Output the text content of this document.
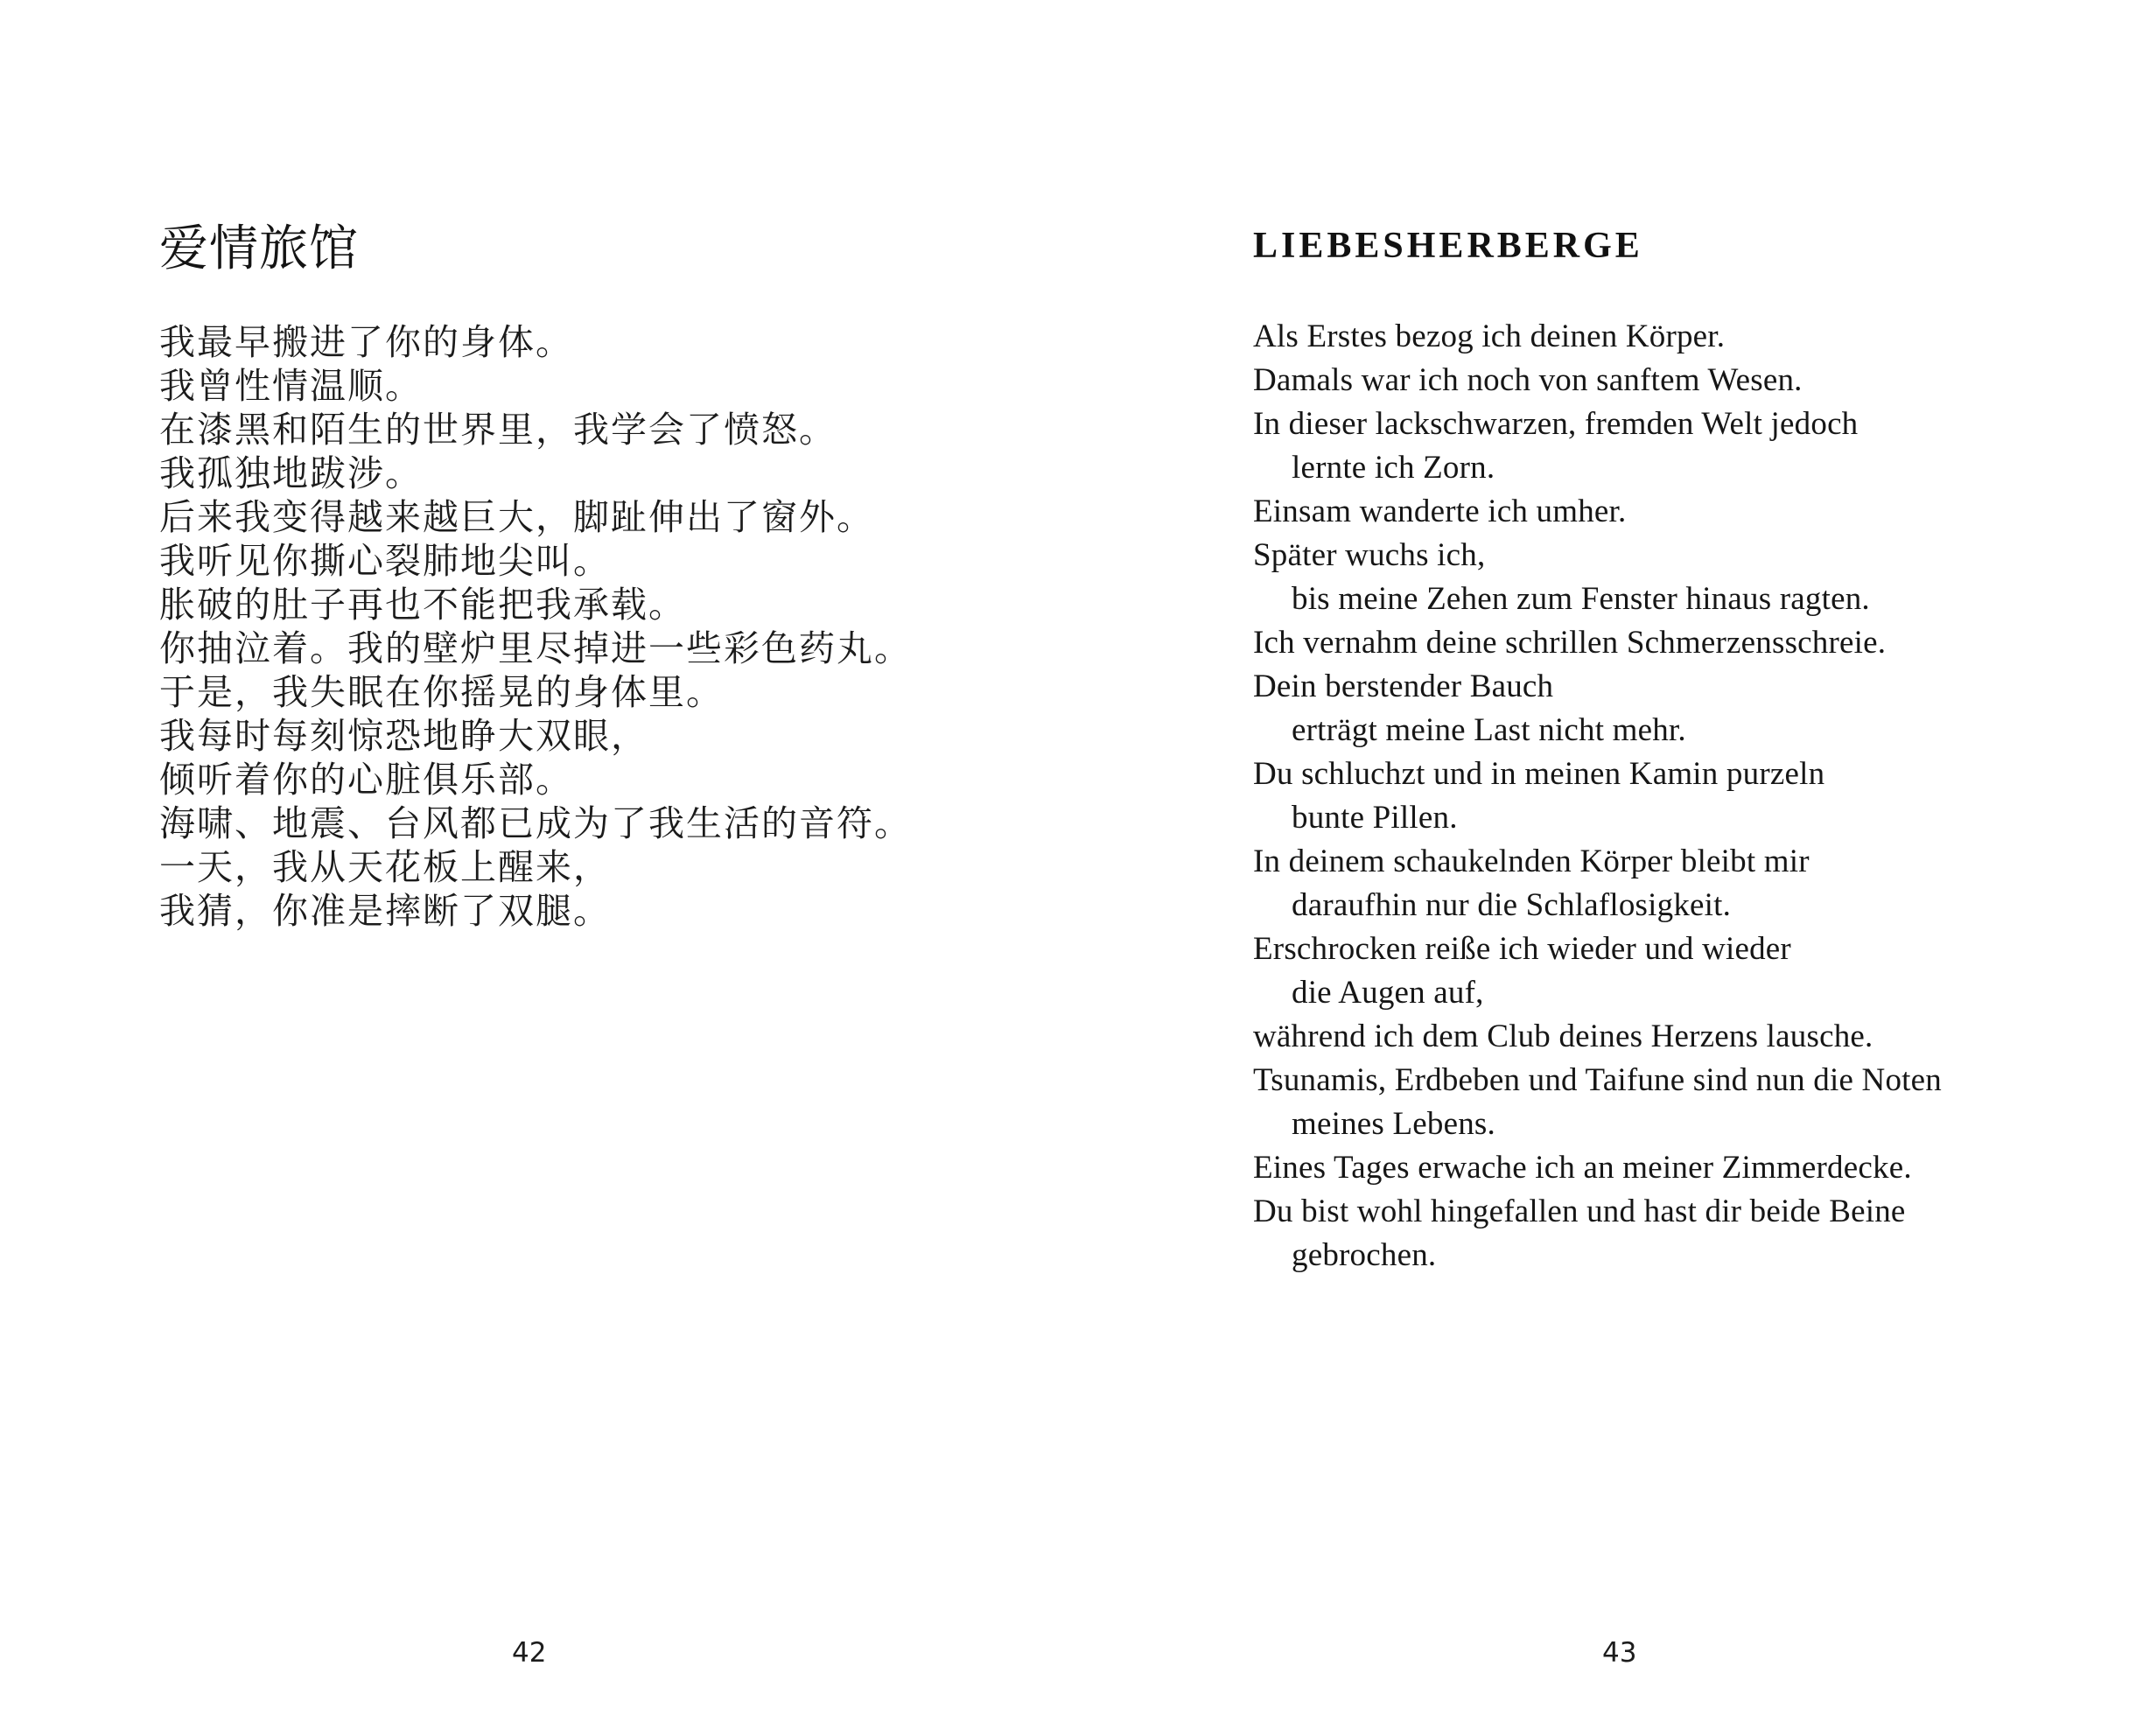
爱情旅馆
我最早搬进了你的身体。
我曾性情温顺。
在漆黑和陌生的世界里，我学会了愤怒。
我孤独地跋涉。
后来我变得越来越巨大，脚趾伸出了窗外。
我听见你撕心裂肺地尖叫。
胀破的肚子再也不能把我承载。
你抽泣着。我的壁炉里尽掉进一些彩色药丸。
于是，我失眠在你摇晃的身体里。
我每时每刻惊恐地睁大双眼，
倾听着你的心脏俱乐部。
海啸、地震、台风都已成为了我生活的音符。
一天，我从天花板上醒来，
我猜，你准是摔断了双腿。
LIEBESHERBERGE
Als Erstes bezog ich deinen Körper.
Damals war ich noch von sanftem Wesen.
In dieser lackschwarzen, fremden Welt jedoch
lernte ich Zorn.
Einsam wanderte ich umher.
Später wuchs ich,
bis meine Zehen zum Fenster hinaus ragten.
Ich vernahm deine schrillen Schmerzensschreie.
Dein berstender Bauch
erträgt meine Last nicht mehr.
Du schluchzt und in meinen Kamin purzeln
bunte Pillen.
In deinem schaukelnden Körper bleibt mir
daraufhin nur die Schlaflosigkeit.
Erschrocken reiße ich wieder und wieder
die Augen auf,
während ich dem Club deines Herzens lausche.
Tsunamis, Erdbeben und Taifune sind nun die Noten
meines Lebens.
Eines Tages erwache ich an meiner Zimmerdecke.
Du bist wohl hingefallen und hast dir beide Beine
gebrochen.
42	43
